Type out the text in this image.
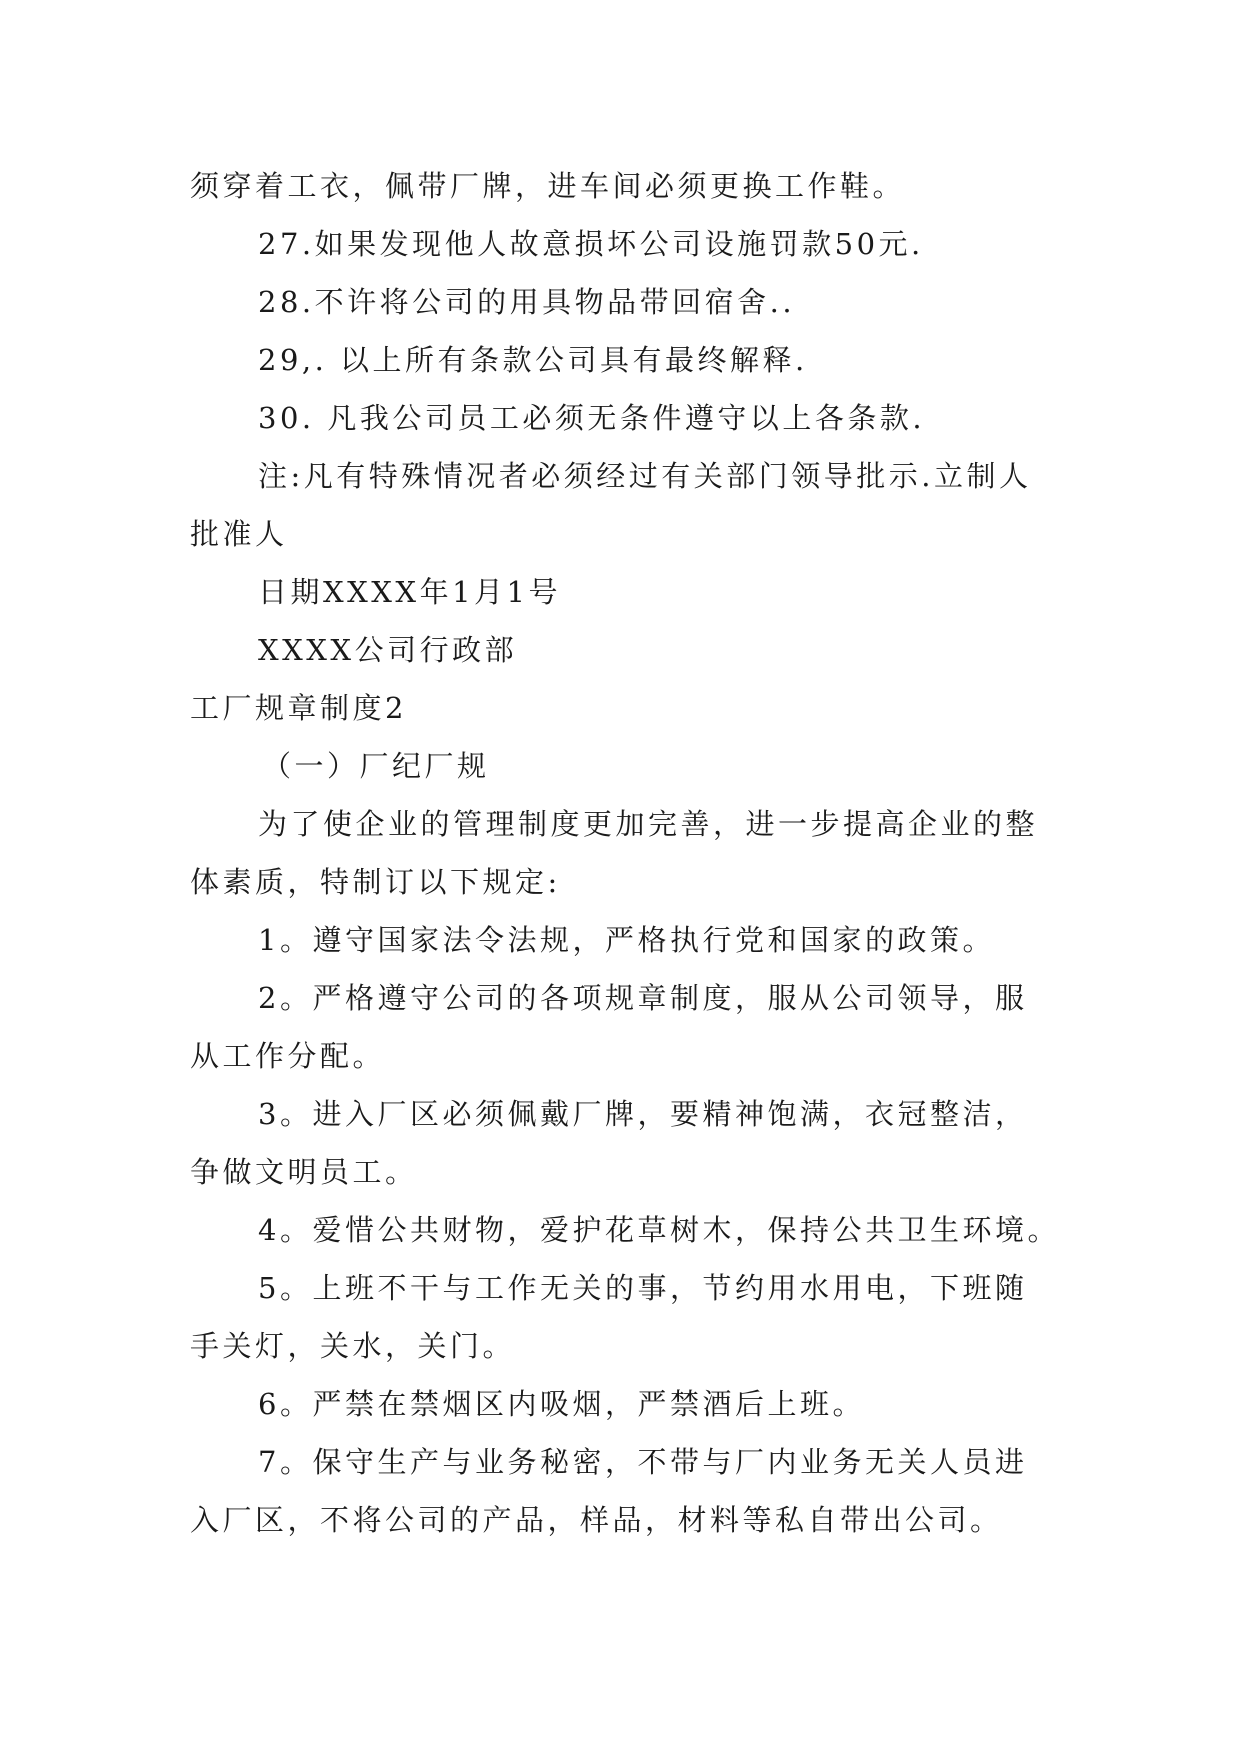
须穿着工衣，佩带厂牌，进车间必须更换工作鞋。
27.如果发现他人故意损坏公司设施罚款50元.
28.不许将公司的用具物品带回宿舍..
29,. 以上所有条款公司具有最终解释.
30. 凡我公司员工必须无条件遵守以上各条款.
注:凡有特殊情况者必须经过有关部门领导批示.立制人
批准人
日期XXXX年1月1号
XXXX公司行政部
工厂规章制度2
（一）厂纪厂规
为了使企业的管理制度更加完善，进一步提高企业的整
体素质，特制订以下规定:
1。遵守国家法令法规，严格执行党和国家的政策。
2。严格遵守公司的各项规章制度，服从公司领导，服
从工作分配。
3。进入厂区必须佩戴厂牌，要精神饱满，衣冠整洁，
争做文明员工。
4。爱惜公共财物，爱护花草树木，保持公共卫生环境。
5。上班不干与工作无关的事，节约用水用电，下班随
手关灯，关水，关门。
6。严禁在禁烟区内吸烟，严禁酒后上班。
7。保守生产与业务秘密，不带与厂内业务无关人员进
入厂区，不将公司的产品，样品，材料等私自带出公司。
